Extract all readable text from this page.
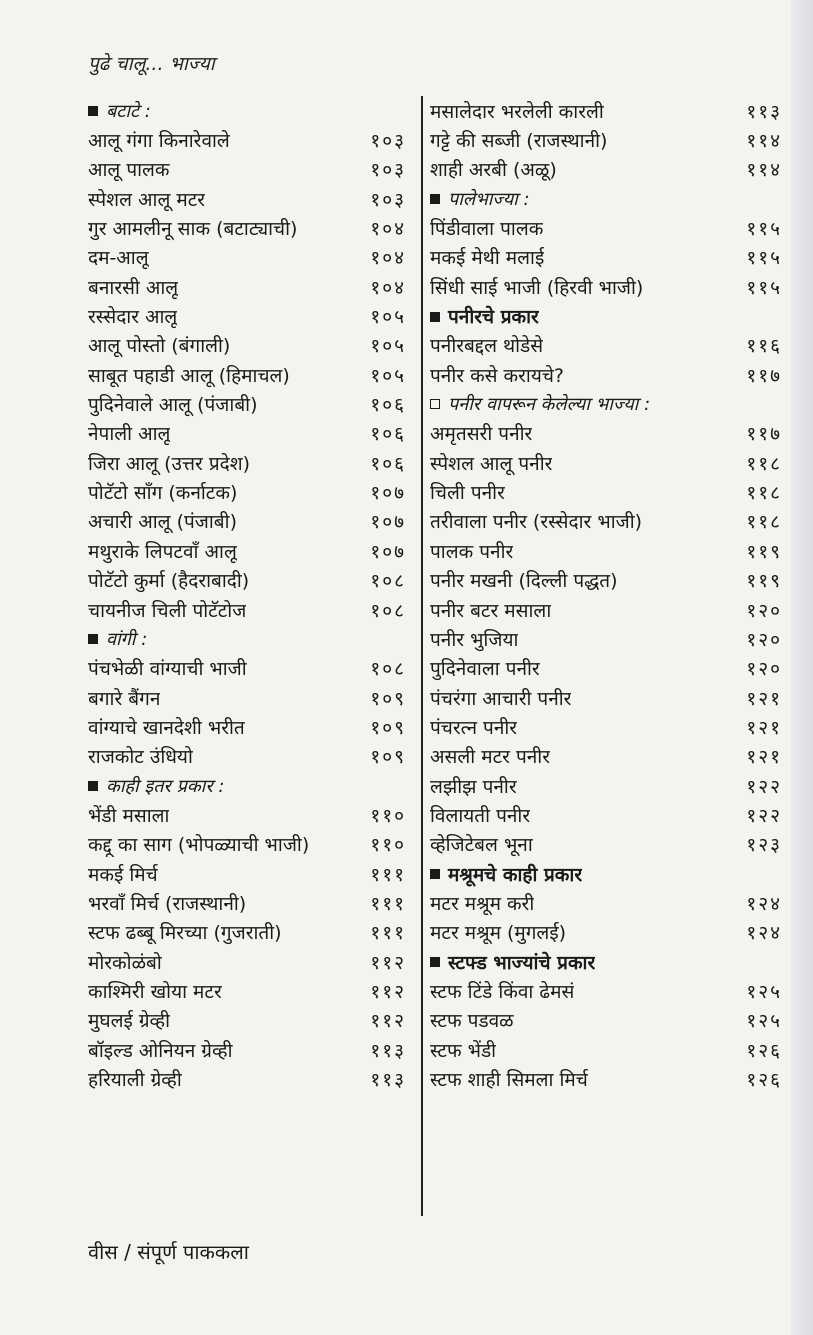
पुढे चालू... भाज्या
बटाटे :
आलू गंगा किनारेवाले	१०३
आलू पालक	१०३
स्पेशल आलू मटर	१०३
गुर आमलीनू साक (बटाट्याची)	१०४
दम-आलू	१०४
बनारसी आलू	१०४
रस्सेदार आलू	१०५
आलू पोस्तो (बंगाली)	१०५
साबूत पहाडी आलू (हिमाचल)	१०५
पुदिनेवाले आलू (पंजाबी)	१०६
नेपाली आलू	१०६
जिरा आलू (उत्तर प्रदेश)	१०६
पोटॅटो साँग (कर्नाटक)	१०७
अचारी आलू (पंजाबी)	१०७
मथुराके लिपटवाँ आलू	१०७
पोटॅटो कुर्मा (हैदराबादी)	१०८
चायनीज चिली पोटॅटोज	१०८
वांगी :
पंचभेळी वांग्याची भाजी	१०८
बगारे बैंगन	१०९
वांग्याचे खानदेशी भरीत	१०९
राजकोट उंधियो	१०९
काही इतर प्रकार :
भेंडी मसाला	११०
कद्दू का साग (भोपळ्याची भाजी)	११०
मकई मिर्च	१११
भरवाँ मिर्च (राजस्थानी)	१११
स्टफ ढब्बू मिरच्या (गुजराती)	१११
मोरकोळंबो	११२
काश्मिरी खोया मटर	११२
मुघलई ग्रेव्ही	११२
बॉइल्ड ओनियन ग्रेव्ही	११३
हरियाली ग्रेव्ही	११३
मसालेदार भरलेली कारली	११३
गट्टे की सब्जी (राजस्थानी)	११४
शाही अरबी (अळू)	११४
पालेभाज्या :
पिंडीवाला पालक	११५
मकई मेथी मलाई	११५
सिंधी साई भाजी (हिरवी भाजी)	११५
पनीरचे प्रकार
पनीरबद्दल थोडेसे	११६
पनीर कसे करायचे?	११७
पनीर वापरून केलेल्या भाज्या :
अमृतसरी पनीर	११७
स्पेशल आलू पनीर	११८
चिली पनीर	११८
तरीवाला पनीर (रस्सेदार भाजी)	११८
पालक पनीर	११९
पनीर मखनी (दिल्ली पद्धत)	११९
पनीर बटर मसाला	१२०
पनीर भुजिया	१२०
पुदिनेवाला पनीर	१२०
पंचरंगा आचारी पनीर	१२१
पंचरत्न पनीर	१२१
असली मटर पनीर	१२१
लझीझ पनीर	१२२
विलायती पनीर	१२२
व्हेजिटेबल भूना	१२३
मश्रूमचे काही प्रकार
मटर मश्रूम करी	१२४
मटर मश्रूम (मुगलई)	१२४
स्टफ्ड भाज्यांचे प्रकार
स्टफ टिंडे किंवा ढेमसं	१२५
स्टफ पडवळ	१२५
स्टफ भेंडी	१२६
स्टफ शाही सिमला मिर्च	१२६
वीस / संपूर्ण पाककला
